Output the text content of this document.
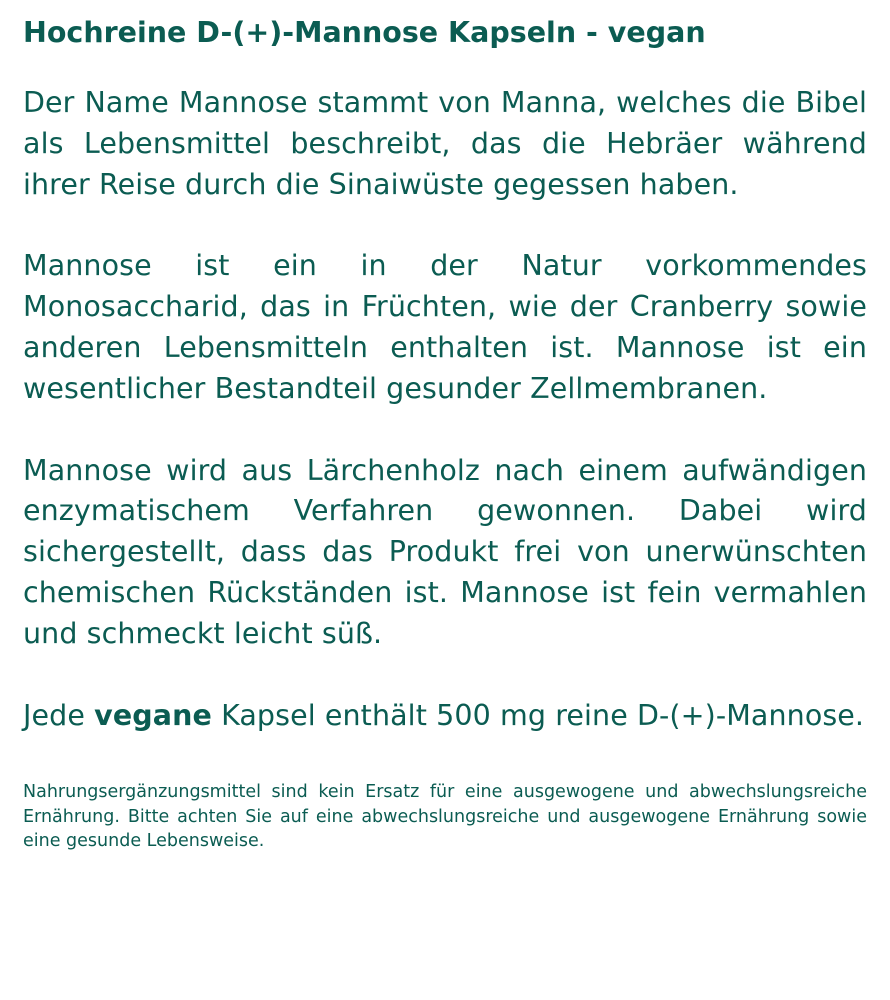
Hochreine D-(+)-Mannose Kapseln - vegan

Der Name Mannose stammt von Manna, welches die Bibel als Lebensmittel beschreibt, das die Hebräer während ihrer Reise durch die Sinaiwüste gegessen haben.

Mannose ist ein in der Natur vorkommendes Monosaccharid, das in Früchten, wie der Cranberry sowie anderen Lebensmitteln enthalten ist. Mannose ist ein wesentlicher Bestandteil gesunder Zellmembranen.

Mannose wird aus Lärchenholz nach einem aufwändigen enzymatischem Verfahren gewonnen. Dabei wird sichergestellt, dass das Produkt frei von unerwünschten chemischen Rückständen ist. Mannose ist fein vermahlen und schmeckt leicht süß.

Jede vegane Kapsel enthält 500 mg reine D-(+)-Mannose.

Nahrungsergänzungsmittel sind kein Ersatz für eine ausgewogene und abwechslungsreiche Ernährung. Bitte achten Sie auf eine abwechslungsreiche und ausgewogene Ernährung sowie eine gesunde Lebensweise.
